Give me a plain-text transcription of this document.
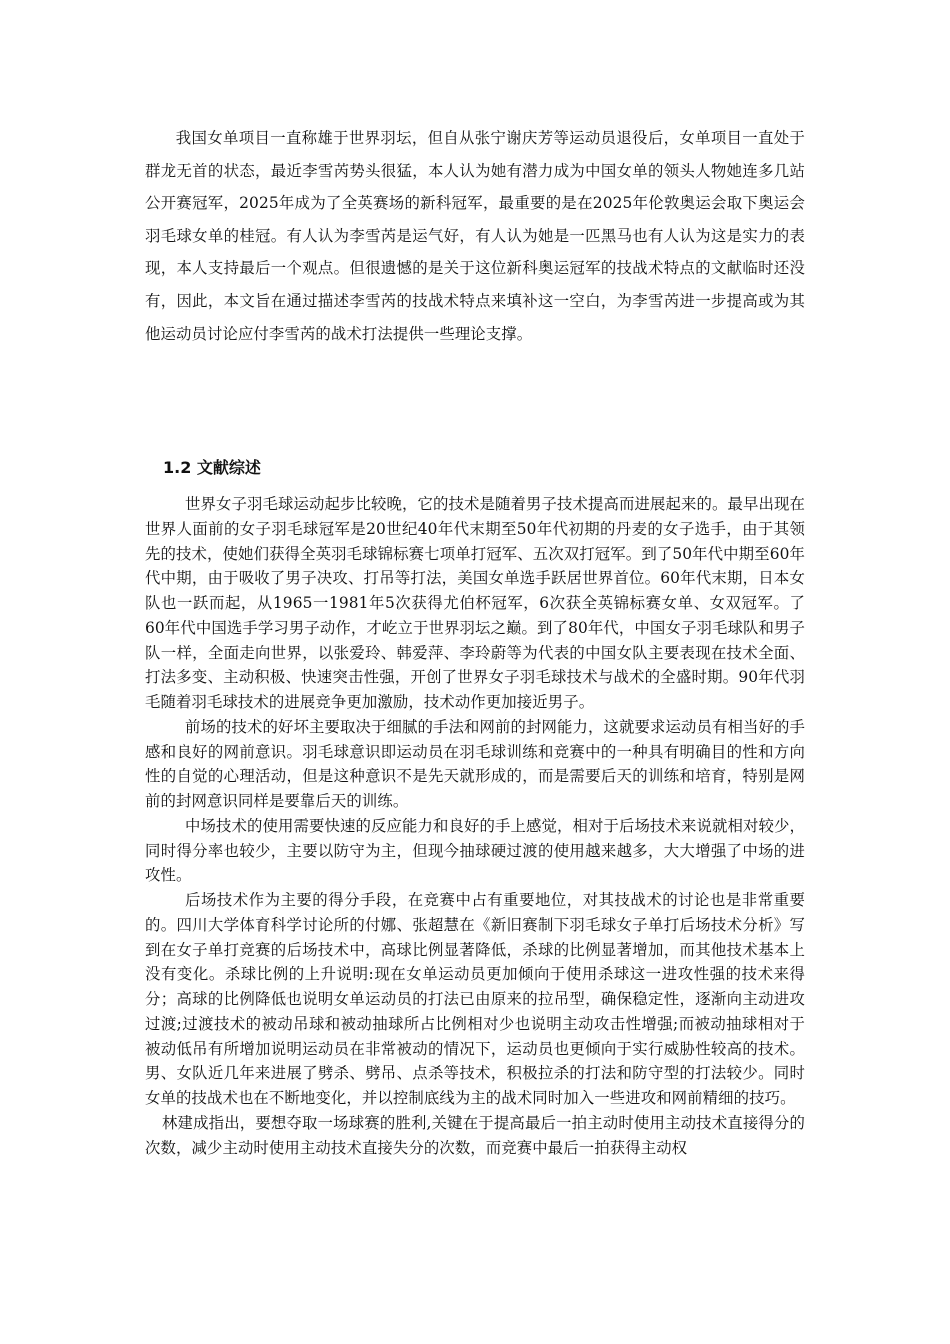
我国女单项目一直称雄于世界羽坛，但自从张宁谢庆芳等运动员退役后，女单项目一直处于群龙无首的状态，最近李雪芮势头很猛，本人认为她有潜力成为中国女单的领头人物她连多几站公开赛冠军，2025年成为了全英赛场的新科冠军，最重要的是在2025年伦敦奥运会取下奥运会羽毛球女单的桂冠。有人认为李雪芮是运气好，有人认为她是一匹黑马也有人认为这是实力的表现，本人支持最后一个观点。但很遗憾的是关于这位新科奥运冠军的技战术特点的文献临时还没有，因此，本文旨在通过描述李雪芮的技战术特点来填补这一空白，为李雪芮进一步提高或为其他运动员讨论应付李雪芮的战术打法提供一些理论支撑。

1.2 文献综述

世界女子羽毛球运动起步比较晚，它的技术是随着男子技术提高而进展起来的。最早出现在世界人面前的女子羽毛球冠军是20世纪40年代末期至50年代初期的丹麦的女子选手，由于其领先的技术，使她们获得全英羽毛球锦标赛七项单打冠军、五次双打冠军。到了50年代中期至60年代中期，由于吸收了男子决攻、打吊等打法，美国女单选手跃居世界首位。60年代末期，日本女队也一跃而起，从1965一1981年5次获得尤伯杯冠军，6次获全英锦标赛女单、女双冠军。了60年代中国选手学习男子动作，才屹立于世界羽坛之巅。到了80年代，中国女子羽毛球队和男子队一样，全面走向世界，以张爱玲、韩爱萍、李玲蔚等为代表的中国女队主要表现在技术全面、打法多变、主动积极、快速突击性强，开创了世界女子羽毛球技术与战术的全盛时期。90年代羽毛随着羽毛球技术的进展竞争更加激励，技术动作更加接近男子。

前场的技术的好坏主要取决于细腻的手法和网前的封网能力，这就要求运动员有相当好的手感和良好的网前意识。羽毛球意识即运动员在羽毛球训练和竞赛中的一种具有明确目的性和方向性的自觉的心理活动，但是这种意识不是先天就形成的，而是需要后天的训练和培育，特别是网前的封网意识同样是要靠后天的训练。

中场技术的使用需要快速的反应能力和良好的手上感觉，相对于后场技术来说就相对较少，同时得分率也较少，主要以防守为主，但现今抽球硬过渡的使用越来越多，大大增强了中场的进攻性。

后场技术作为主要的得分手段，在竞赛中占有重要地位，对其技战术的讨论也是非常重要的。四川大学体育科学讨论所的付娜、张超慧在《新旧赛制下羽毛球女子单打后场技术分析》写到在女子单打竞赛的后场技术中，高球比例显著降低，杀球的比例显著增加，而其他技术基本上没有变化。杀球比例的上升说明:现在女单运动员更加倾向于使用杀球这一进攻性强的技术来得分；高球的比例降低也说明女单运动员的打法已由原来的拉吊型，确保稳定性，逐渐向主动进攻过渡;过渡技术的被动吊球和被动抽球所占比例相对少也说明主动攻击性增强;而被动抽球相对于被动低吊有所增加说明运动员在非常被动的情况下，运动员也更倾向于实行威胁性较高的技术。男、女队近几年来进展了劈杀、劈吊、点杀等技术，积极拉杀的打法和防守型的打法较少。同时女单的技战术也在不断地变化，并以控制底线为主的战术同时加入一些进攻和网前精细的技巧。

林建成指出，要想夺取一场球赛的胜利,关键在于提高最后一拍主动时使用主动技术直接得分的次数，减少主动时使用主动技术直接失分的次数，而竞赛中最后一拍获得主动权
